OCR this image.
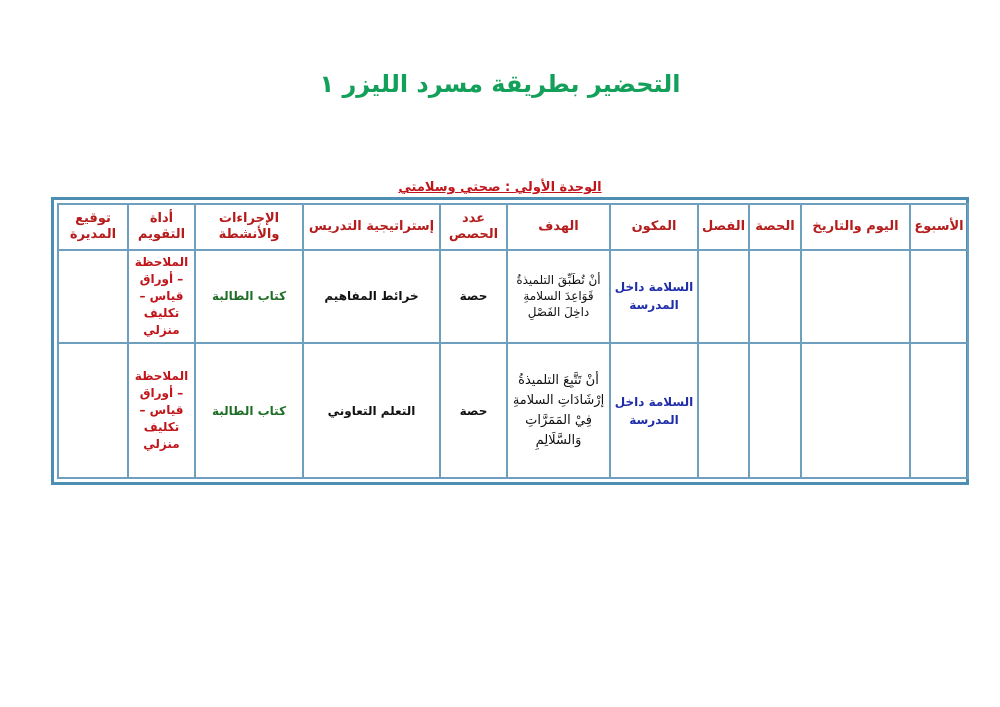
التحضير بطريقة مسرد الليزر ١
الوحدة الأولي : صحتي وسلامتي
الأسبوع	اليوم والتاريخ	الحصة	الفصل	المكون	الهدف	عدد الحصص	إستراتيجية التدريس	الإجراءات والأنشطة	أداة التقويم	توقيع المديرة
				السلامة داخل المدرسة	أنْ تُطَبِّقَ التلميذةُ قَوَاعِدَ السلامةِ داخِلَ الفَصْلِ	حصة	خرائط المفاهيم	كتاب الطالبة	الملاحظة – أوراق قياس – تكليف منزلي	
				السلامة داخل المدرسة	أنْ تَتَّبِعَ التلميذةُ إرْشَادَاتِ السلامةِ فِيْ المَمَرَّاتِ وَالسَّلَالِمِ	حصة	التعلم التعاوني	كتاب الطالبة	الملاحظة – أوراق قياس – تكليف منزلي	
